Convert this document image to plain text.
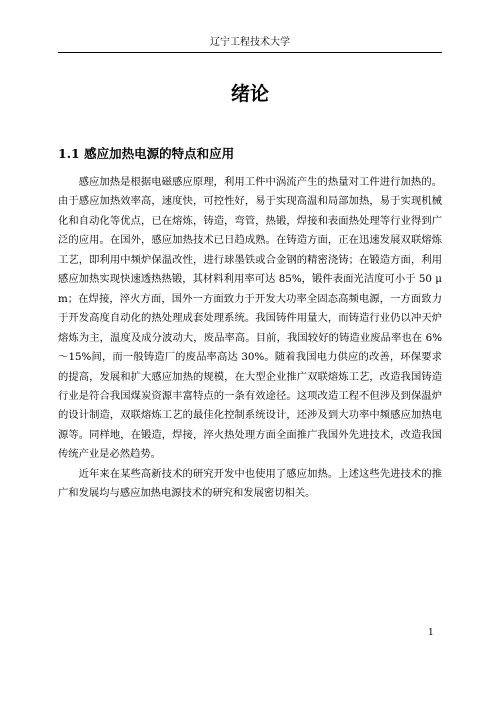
辽宁工程技术大学
绪论
1.1 感应加热电源的特点和应用

感应加热是根据电磁感应原理，利用工件中涡流产生的热量对工件进行加热的。由于感应加热效率高，速度快，可控性好，易于实现高温和局部加热，易于实现机械化和自动化等优点，已在熔炼，铸造，弯管，热锻，焊接和表面热处理等行业得到广泛的应用。在国外，感应加热技术已日趋成熟。在铸造方面，正在迅速发展双联熔炼工艺，即利用中频炉保温改性，进行球墨铁或合金钢的精密浇铸；在锻造方面，利用感应加热实现快速透热热锻，其材料利用率可达 85%，锻件表面光洁度可小于 50 μ m；在焊接，淬火方面，国外一方面致力于开发大功率全固态高频电源，一方面致力于开发高度自动化的热处理成套处理系统。我国铸件用量大，而铸造行业仍以冲天炉熔炼为主，温度及成分波动大，废品率高。目前，我国较好的铸造业废品率也在 6%～15%间，而一般铸造厂的废品率高达 30%。随着我国电力供应的改善，环保要求的提高，发展和扩大感应加热的规模，在大型企业推广双联熔炼工艺，改造我国铸造行业是符合我国煤炭资源丰富特点的一条有效途径。这项改造工程不但涉及到保温炉的设计制造，双联熔炼工艺的最佳化控制系统设计，还涉及到大功率中频感应加热电源等。同样地，在锻造，焊接，淬火热处理方面全面推广我国外先进技术，改造我国传统产业是必然趋势。

近年来在某些高新技术的研究开发中也使用了感应加热。上述这些先进技术的推广和发展均与感应加热电源技术的研究和发展密切相关。

1
